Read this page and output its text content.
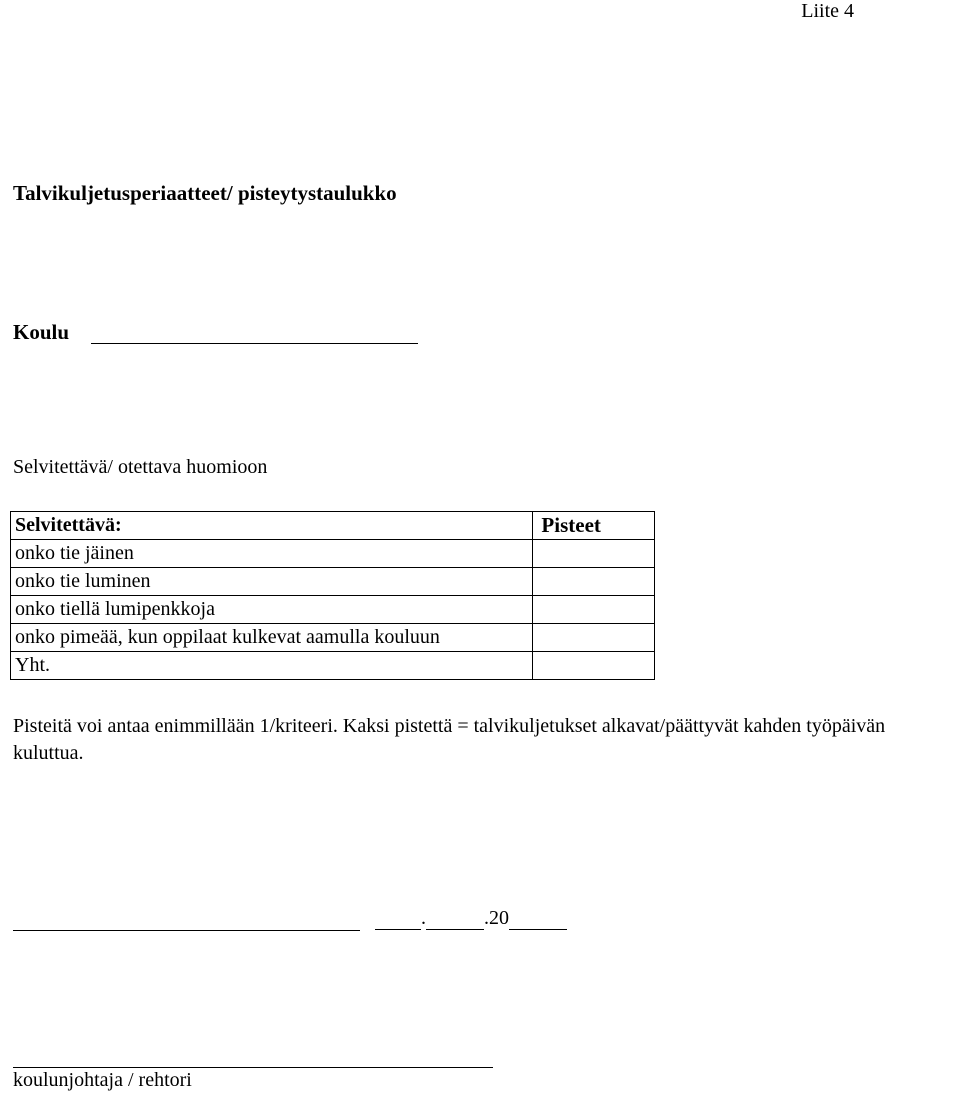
Liite 4
Talvikuljetusperiaatteet/ pisteytystaulukko
Koulu
Selvitettävä/ otettava huomioon
Selvitettävä:	Pisteet
onko tie jäinen	
onko tie luminen	
onko tiellä lumipenkkoja	
onko pimeää, kun oppilaat kulkevat aamulla kouluun	
Yht.	
Pisteitä voi antaa enimmillään 1/kriteeri. Kaksi pistettä = talvikuljetukset alkavat/päättyvät kahden työpäivän kuluttua.
.	.20
koulunjohtaja / rehtori
